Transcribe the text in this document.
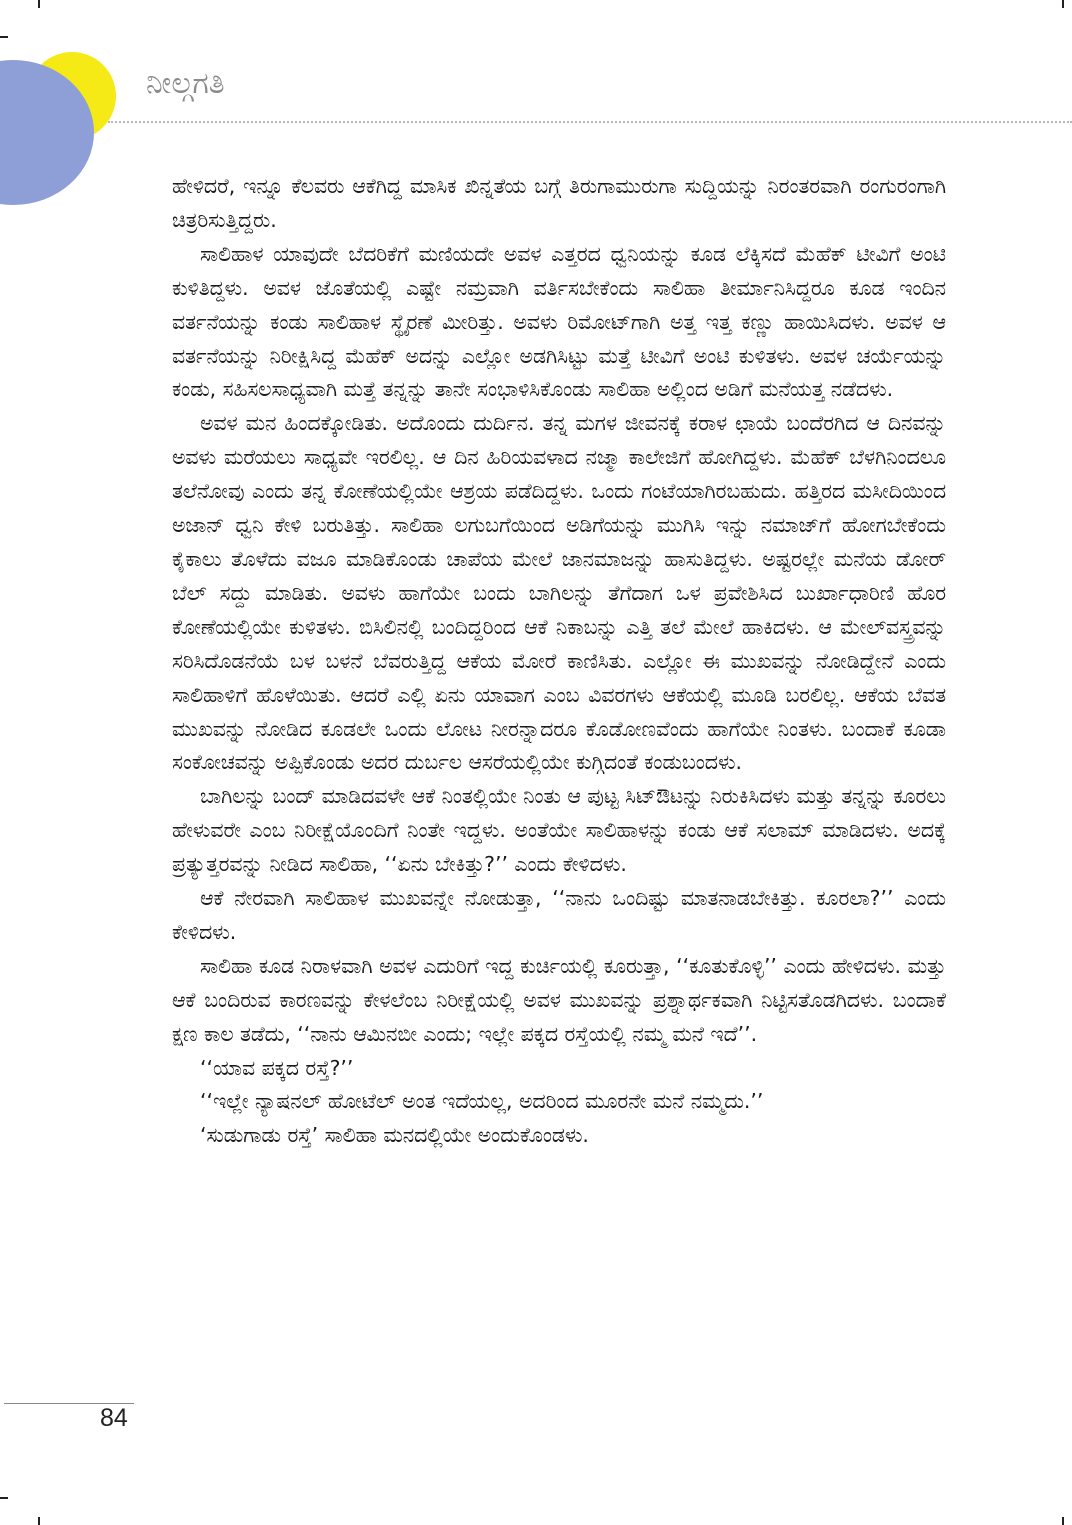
ನೀಲ್ಗಗತಿ

ಹೇಳಿದರೆ, ಇನ್ನೂ ಕೆಲವರು ಆಕೆಗಿದ್ದ ಮಾಸಿಕ ಖಿನ್ನತೆಯ ಬಗ್ಗೆ ತಿರುಗಾಮುರುಗಾ ಸುದ್ದಿಯನ್ನು ನಿರಂತರವಾಗಿ ರಂಗುರಂಗಾಗಿ ಚಿತ್ರರಿಸುತ್ತಿದ್ದರು.

ಸಾಲಿಹಾಳ ಯಾವುದೇ ಬೆದರಿಕೆಗೆ ಮಣಿಯದೇ ಅವಳ ಎತ್ತರದ ಧ್ವನಿಯನ್ನು ಕೂಡ ಲೆಕ್ಕಿಸದೆ ಮೆಹೆಕ್ ಟೀವಿಗೆ ಅಂಟಿ ಕುಳಿತಿದ್ದಳು. ಅವಳ ಜೊತೆಯಲ್ಲಿ ಎಷ್ಟೇ ನಮ್ರವಾಗಿ ವರ್ತಿಸಬೇಕೆಂದು ಸಾಲಿಹಾ ತೀರ್ಮಾನಿಸಿದ್ದರೂ ಕೂಡ ಇಂದಿನ ವರ್ತನೆಯನ್ನು ಕಂಡು ಸಾಲಿಹಾಳ ಸ್ಥೈರಣೆ ಮೀರಿತ್ತು. ಅವಳು ರಿಮೋಟ್‌ಗಾಗಿ ಅತ್ತ ಇತ್ತ ಕಣ್ಣು ಹಾಯಿಸಿದಳು. ಅವಳ ಆ ವರ್ತನೆಯನ್ನು ನಿರೀಕ್ಷಿಸಿದ್ದ ಮೆಹೆಕ್ ಅದನ್ನು ಎಲ್ಲೋ ಅಡಗಿಸಿಟ್ಟು ಮತ್ತೆ ಟೀವಿಗೆ ಅಂಟಿ ಕುಳಿತಳು. ಅವಳ ಚರ್ಯೆಯನ್ನು ಕಂಡು, ಸಹಿಸಲಸಾಧ್ಯವಾಗಿ ಮತ್ತೆ ತನ್ನನ್ನು ತಾನೇ ಸಂಭಾಳಿಸಿಕೊಂಡು ಸಾಲಿಹಾ ಅಲ್ಲಿಂದ ಅಡಿಗೆ ಮನೆಯತ್ತ ನಡೆದಳು.

ಅವಳ ಮನ ಹಿಂದಕ್ಕೋಡಿತು. ಅದೊಂದು ದುರ್ದಿನ. ತನ್ನ ಮಗಳ ಜೀವನಕ್ಕೆ ಕರಾಳ ಛಾಯೆ ಬಂದೆರಗಿದ ಆ ದಿನವನ್ನು ಅವಳು ಮರೆಯಲು ಸಾಧ್ಯವೇ ಇರಲಿಲ್ಲ. ಆ ದಿನ ಹಿರಿಯವಳಾದ ನಜ್ಮಾ ಕಾಲೇಜಿಗೆ ಹೋಗಿದ್ದಳು. ಮೆಹೆಕ್ ಬೆಳಗಿನಿಂದಲೂ ತಲೆನೋವು ಎಂದು ತನ್ನ ಕೋಣೆಯಲ್ಲಿಯೇ ಆಶ್ರಯ ಪಡೆದಿದ್ದಳು. ಒಂದು ಗಂಟೆಯಾಗಿರಬಹುದು. ಹತ್ತಿರದ ಮಸೀದಿಯಿಂದ ಅಜಾನ್ ಧ್ವನಿ ಕೇಳಿ ಬರುತಿತ್ತು. ಸಾಲಿಹಾ ಲಗುಬಗೆಯಿಂದ ಅಡಿಗೆಯನ್ನು ಮುಗಿಸಿ ಇನ್ನು ನಮಾಜ್‌ಗೆ ಹೋಗಬೇಕೆಂದು ಕೈಕಾಲು ತೊಳೆದು ವಜೂ ಮಾಡಿಕೊಂಡು ಚಾಪೆಯ ಮೇಲೆ ಜಾನಮಾಜನ್ನು ಹಾಸುತಿದ್ದಳು. ಅಷ್ಟರಲ್ಲೇ ಮನೆಯ ಡೋರ್ ಬೆಲ್ ಸದ್ದು ಮಾಡಿತು. ಅವಳು ಹಾಗೆಯೇ ಬಂದು ಬಾಗಿಲನ್ನು ತೆಗೆದಾಗ ಒಳ ಪ್ರವೇಶಿಸಿದ ಬುರ್ಖಾಧಾರಿಣಿ ಹೊರ ಕೋಣೆಯಲ್ಲಿಯೇ ಕುಳಿತಳು. ಬಿಸಿಲಿನಲ್ಲಿ ಬಂದಿದ್ದರಿಂದ ಆಕೆ ನಿಕಾಬನ್ನು ಎತ್ತಿ ತಲೆ ಮೇಲೆ ಹಾಕಿದಳು. ಆ ಮೇಲ್‌ವಸ್ತ್ರವನ್ನು ಸರಿಸಿದೊಡನೆಯೆ ಬಳ ಬಳನೆ ಬೆವರುತ್ತಿದ್ದ ಆಕೆಯ ಮೋರೆ ಕಾಣಿಸಿತು. ಎಲ್ಲೋ ಈ ಮುಖವನ್ನು ನೋಡಿದ್ದೇನೆ ಎಂದು ಸಾಲಿಹಾಳಿಗೆ ಹೊಳೆಯಿತು. ಆದರೆ ಎಲ್ಲಿ ಏನು ಯಾವಾಗ ಎಂಬ ವಿವರಗಳು ಆಕೆಯಲ್ಲಿ ಮೂಡಿ ಬರಲಿಲ್ಲ. ಆಕೆಯ ಬೆವತ ಮುಖವನ್ನು ನೋಡಿದ ಕೂಡಲೇ ಒಂದು ಲೋಟ ನೀರನ್ನಾದರೂ ಕೊಡೋಣವೆಂದು ಹಾಗೆಯೇ ನಿಂತಳು. ಬಂದಾಕೆ ಕೂಡಾ ಸಂಕೋಚವನ್ನು ಅಪ್ಪಿಕೊಂಡು ಅದರ ದುರ್ಬಲ ಆಸರೆಯಲ್ಲಿಯೇ ಕುಗ್ಗಿದಂತೆ ಕಂಡುಬಂದಳು.

ಬಾಗಿಲನ್ನು ಬಂದ್ ಮಾಡಿದವಳೇ ಆಕೆ ನಿಂತಲ್ಲಿಯೇ ನಿಂತು ಆ ಪುಟ್ಟ ಸಿಟ್‌ಔಟನ್ನು ನಿರುಕಿಸಿದಳು ಮತ್ತು ತನ್ನನ್ನು ಕೂರಲು ಹೇಳುವರೇ ಎಂಬ ನಿರೀಕ್ಷೆಯೊಂದಿಗೆ ನಿಂತೇ ಇದ್ದಳು. ಅಂತೆಯೇ ಸಾಲಿಹಾಳನ್ನು ಕಂಡು ಆಕೆ ಸಲಾಮ್ ಮಾಡಿದಳು. ಅದಕ್ಕೆ ಪ್ರತ್ಯುತ್ತರವನ್ನು ನೀಡಿದ ಸಾಲಿಹಾ, ‘‘ಏನು ಬೇಕಿತ್ತು?’’ ಎಂದು ಕೇಳಿದಳು.

ಆಕೆ ನೇರವಾಗಿ ಸಾಲಿಹಾಳ ಮುಖವನ್ನೇ ನೋಡುತ್ತಾ, ‘‘ನಾನು ಒಂದಿಷ್ಟು ಮಾತನಾಡಬೇಕಿತ್ತು. ಕೂರಲಾ?’’ ಎಂದು ಕೇಳಿದಳು.

ಸಾಲಿಹಾ ಕೂಡ ನಿರಾಳವಾಗಿ ಅವಳ ಎದುರಿಗೆ ಇದ್ದ ಕುರ್ಚಿಯಲ್ಲಿ ಕೂರುತ್ತಾ, ‘‘ಕೂತುಕೊಳ್ಳಿ’’ ಎಂದು ಹೇಳಿದಳು. ಮತ್ತು ಆಕೆ ಬಂದಿರುವ ಕಾರಣವನ್ನು ಕೇಳಲೆಂಬ ನಿರೀಕ್ಷೆಯಲ್ಲಿ ಅವಳ ಮುಖವನ್ನು ಪ್ರಶ್ನಾರ್ಥಕವಾಗಿ ನಿಟ್ಟಿಸತೊಡಗಿದಳು. ಬಂದಾಕೆ ಕ್ಷಣ ಕಾಲ ತಡೆದು, ‘‘ನಾನು ಆಮಿನಬೀ ಎಂದು; ಇಲ್ಲೇ ಪಕ್ಕದ ರಸ್ತೆಯಲ್ಲಿ ನಮ್ಮ ಮನೆ ಇದೆ’’.

‘‘ಯಾವ ಪಕ್ಕದ ರಸ್ತೆ?’’

‘‘ಇಲ್ಲೇ ನ್ಯಾಷನಲ್ ಹೋಟೆಲ್ ಅಂತ ಇದೆಯಲ್ಲ, ಅದರಿಂದ ಮೂರನೇ ಮನೆ ನಮ್ಮದು.’’

‘ಸುಡುಗಾಡು ರಸ್ತೆ’ ಸಾಲಿಹಾ ಮನದಲ್ಲಿಯೇ ಅಂದುಕೊಂಡಳು.

84
